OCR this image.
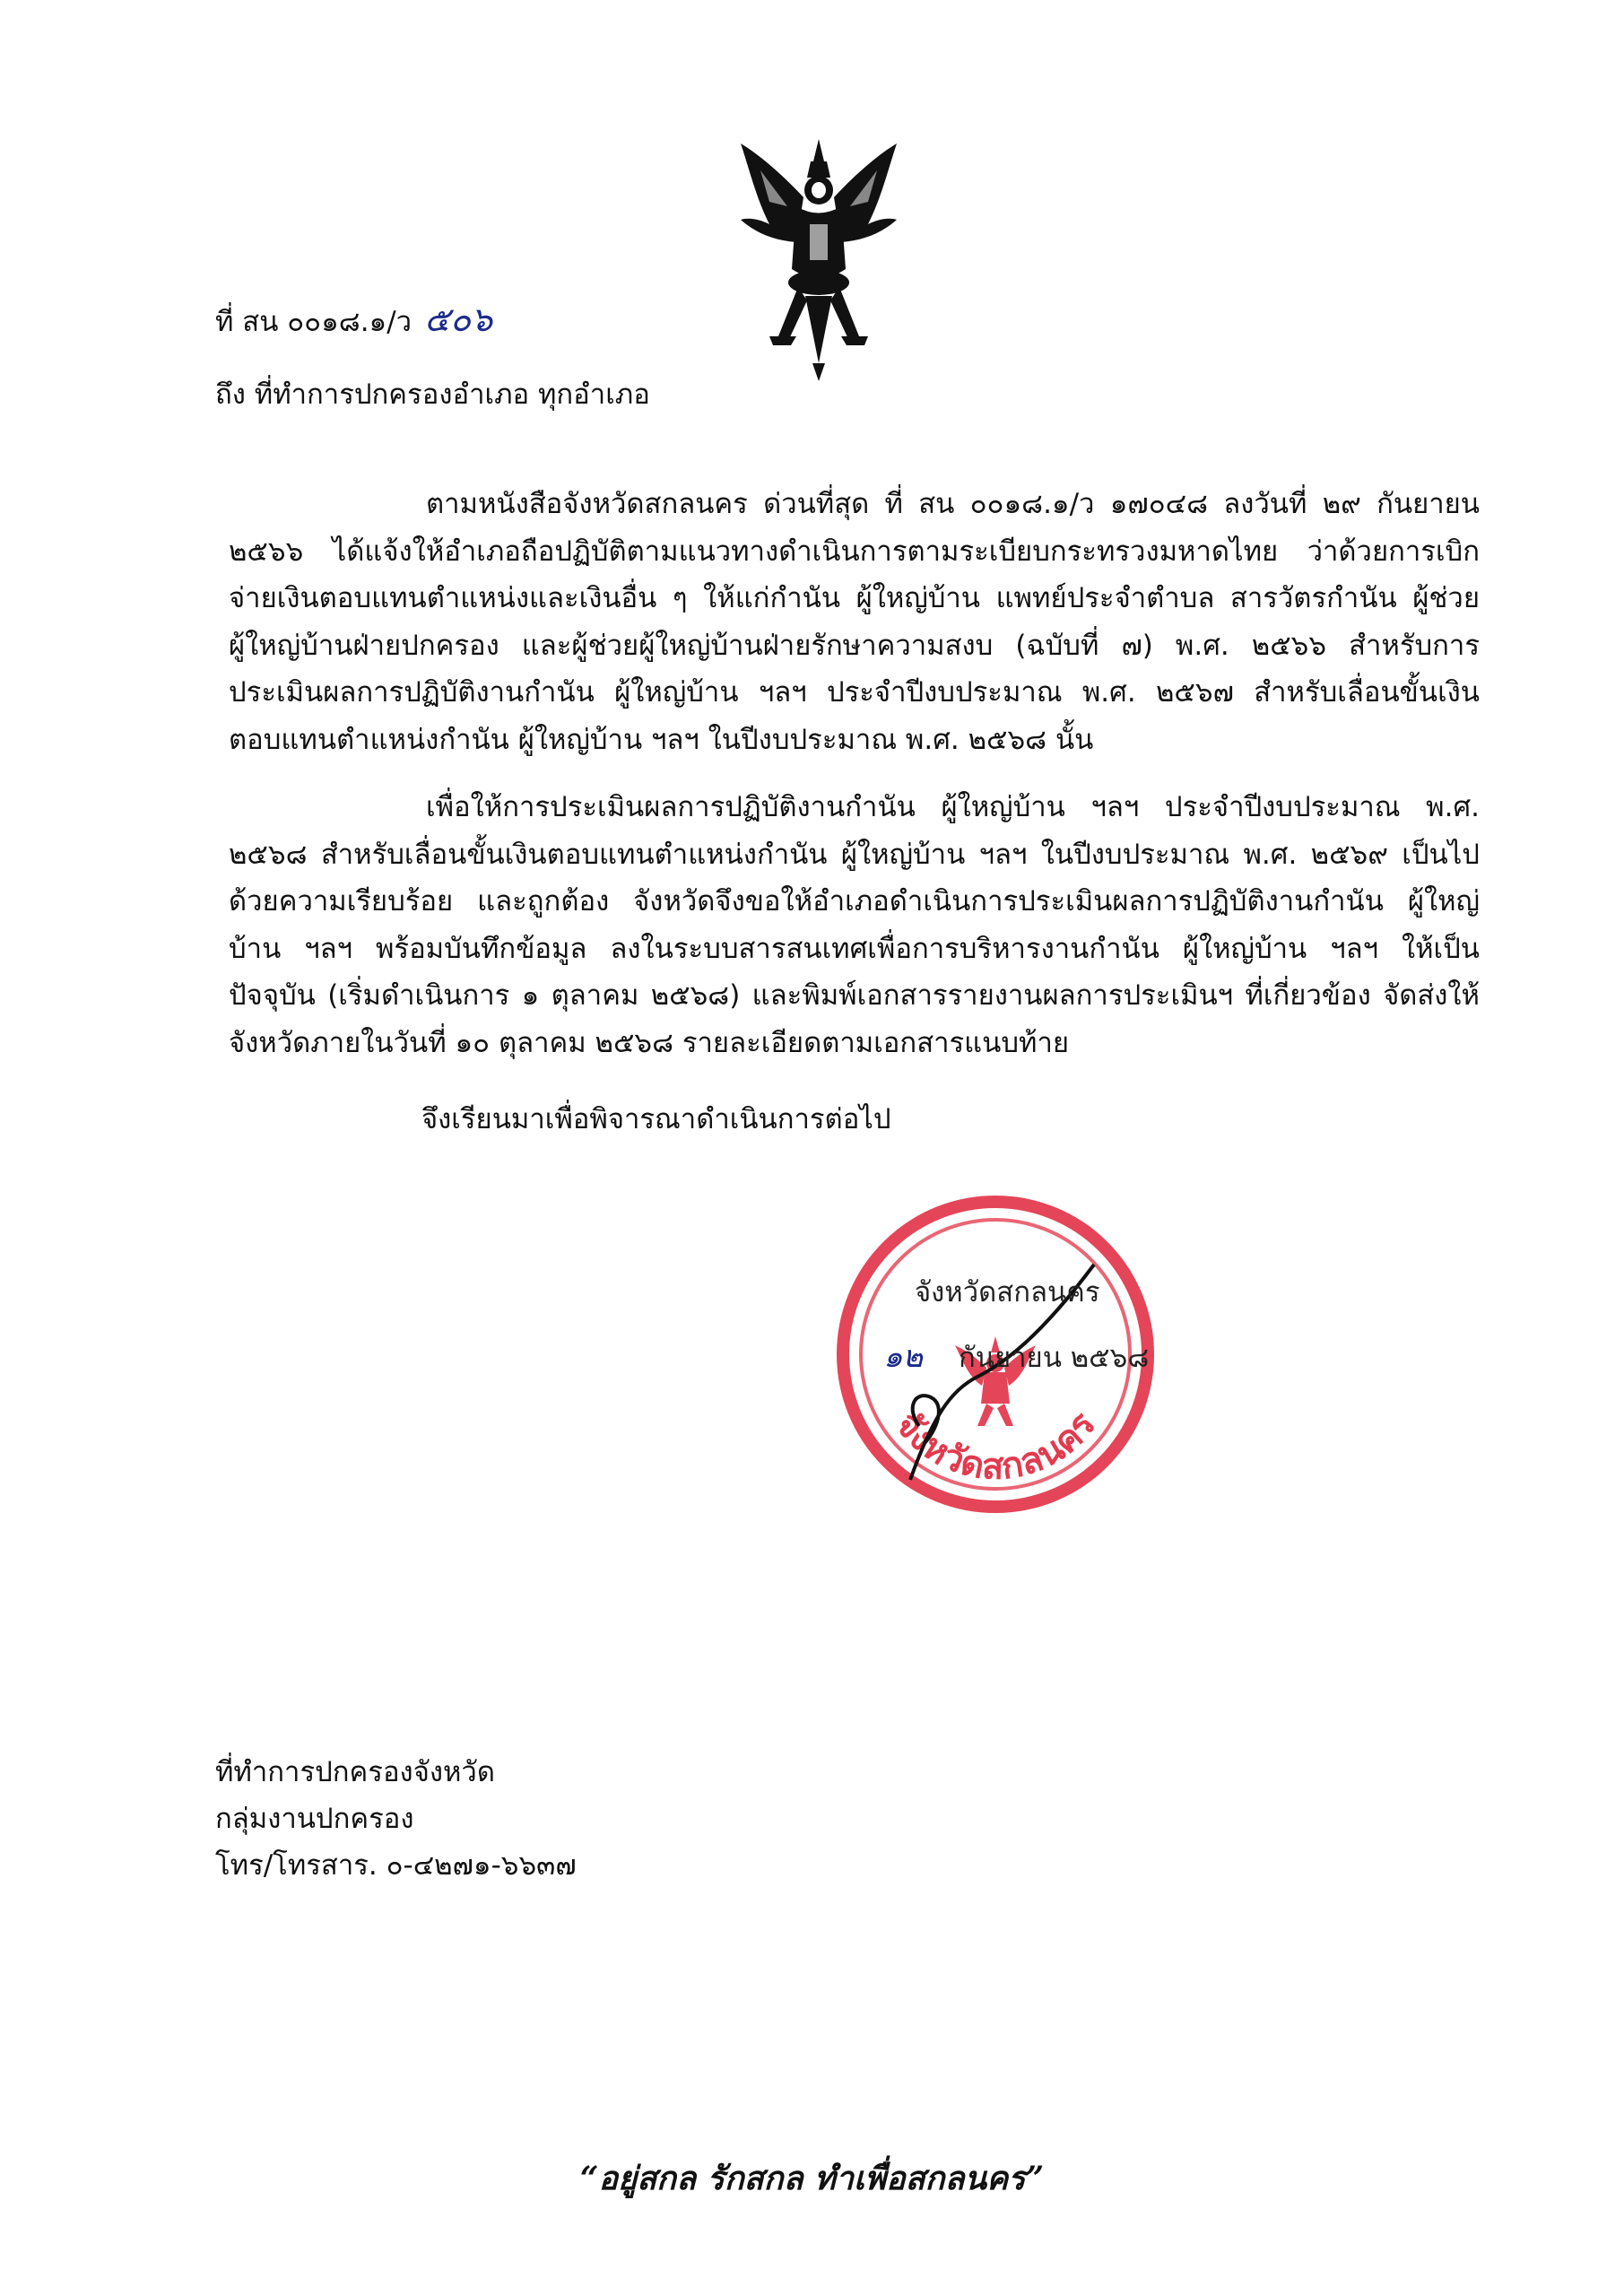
ที่ สน ๐๐๑๘.๑/ว ๕๐๖
ถึง ที่ทำการปกครองอำเภอ ทุกอำเภอ
ตามหนังสือจังหวัดสกลนคร ด่วนที่สุด ที่ สน ๐๐๑๘.๑/ว ๑๗๐๔๘ ลงวันที่ ๒๙ กันยายน ๒๕๖๖ ได้แจ้งให้อำเภอถือปฏิบัติตามแนวทางดำเนินการตามระเบียบกระทรวงมหาดไทย ว่าด้วยการเบิกจ่ายเงินตอบแทนตำแหน่งและเงินอื่น ๆ ให้แก่กำนัน ผู้ใหญ่บ้าน แพทย์ประจำตำบล สารวัตรกำนัน ผู้ช่วยผู้ใหญ่บ้านฝ่ายปกครอง และผู้ช่วยผู้ใหญ่บ้านฝ่ายรักษาความสงบ (ฉบับที่ ๗) พ.ศ. ๒๕๖๖ สำหรับการประเมินผลการปฏิบัติงานกำนัน ผู้ใหญ่บ้าน ฯลฯ ประจำปีงบประมาณ พ.ศ. ๒๕๖๗ สำหรับเลื่อนขั้นเงินตอบแทนตำแหน่งกำนัน ผู้ใหญ่บ้าน ฯลฯ ในปีงบประมาณ พ.ศ. ๒๕๖๘ นั้น
เพื่อให้การประเมินผลการปฏิบัติงานกำนัน ผู้ใหญ่บ้าน ฯลฯ ประจำปีงบประมาณ พ.ศ. ๒๕๖๘ สำหรับเลื่อนขั้นเงินตอบแทนตำแหน่งกำนัน ผู้ใหญ่บ้าน ฯลฯ ในปีงบประมาณ พ.ศ. ๒๕๖๙ เป็นไปด้วยความเรียบร้อย และถูกต้อง จังหวัดจึงขอให้อำเภอดำเนินการประเมินผลการปฏิบัติงานกำนัน ผู้ใหญ่บ้าน ฯลฯ พร้อมบันทึกข้อมูล ลงในระบบสารสนเทศเพื่อการบริหารงานกำนัน ผู้ใหญ่บ้าน ฯลฯ ให้เป็นปัจจุบัน (เริ่มดำเนินการ ๑ ตุลาคม ๒๕๖๘) และพิมพ์เอกสารรายงานผลการประเมินฯ ที่เกี่ยวข้อง จัดส่งให้จังหวัดภายในวันที่ ๑๐ ตุลาคม ๒๕๖๘ รายละเอียดตามเอกสารแนบท้าย
จึงเรียนมาเพื่อพิจารณาดำเนินการต่อไป
จังหวัดสกลนคร
จังหวัดสกลนคร
๑๒ กันยายน ๒๕๖๘
ที่ทำการปกครองจังหวัด
กลุ่มงานปกครอง
โทร/โทรสาร. ๐-๔๒๗๑-๖๖๓๗
“อยู่สกล รักสกล ทำเพื่อสกลนคร”
